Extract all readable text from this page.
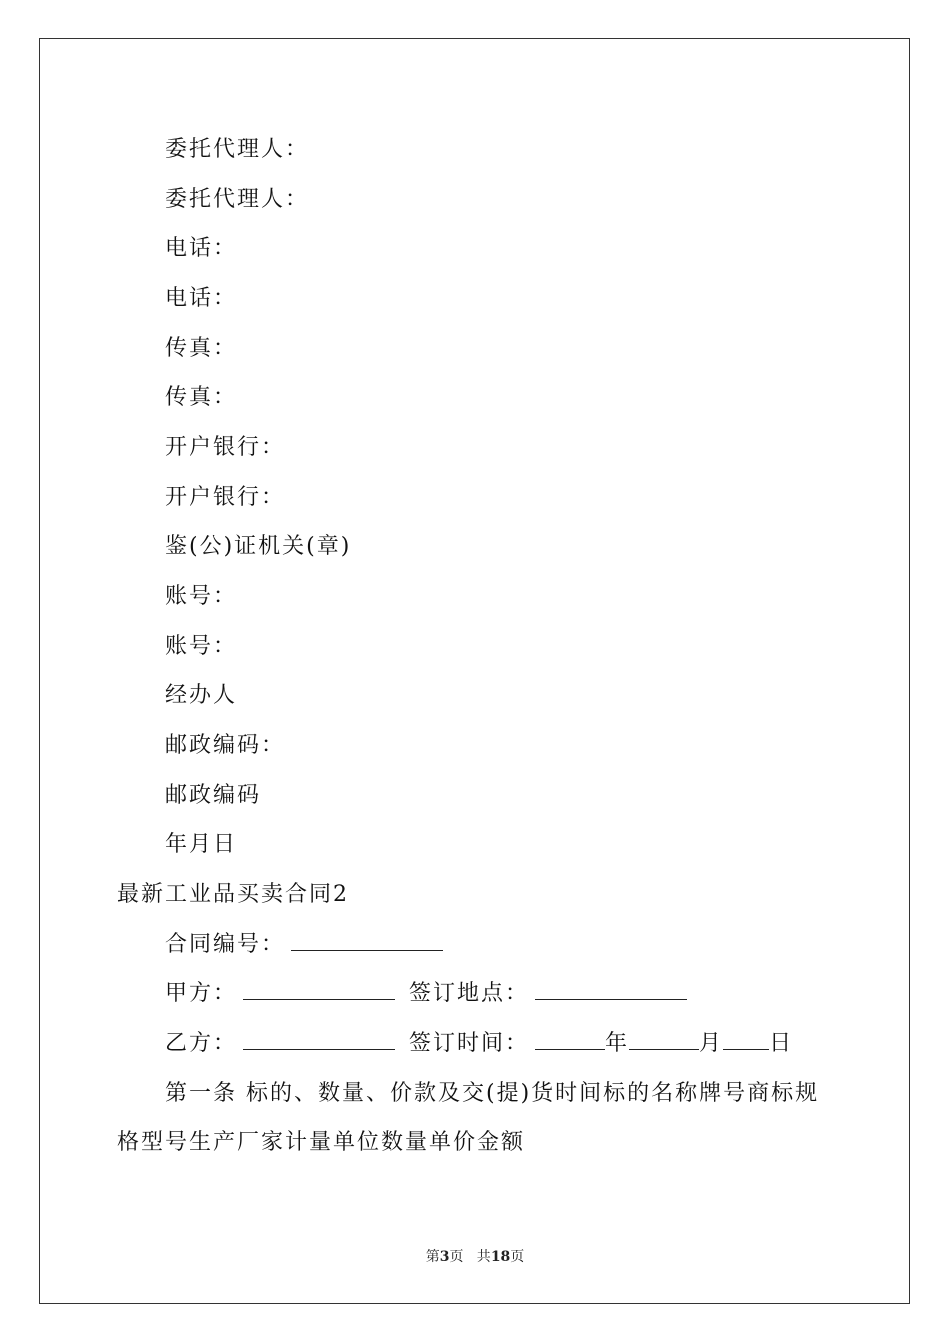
委托代理人：
委托代理人：
电话：
电话：
传真：
传真：
开户银行：
开户银行：
鉴(公)证机关(章)
账号：
账号：
经办人
邮政编码：
邮政编码
年月日
最新工业品买卖合同2
合同编号：
甲方：	签订地点：
乙方：	签订时间：	年	月 日
第一条 标的、数量、价款及交(提)货时间标的名称牌号商标规
格型号生产厂家计量单位数量单价金额
第3页   共18页
